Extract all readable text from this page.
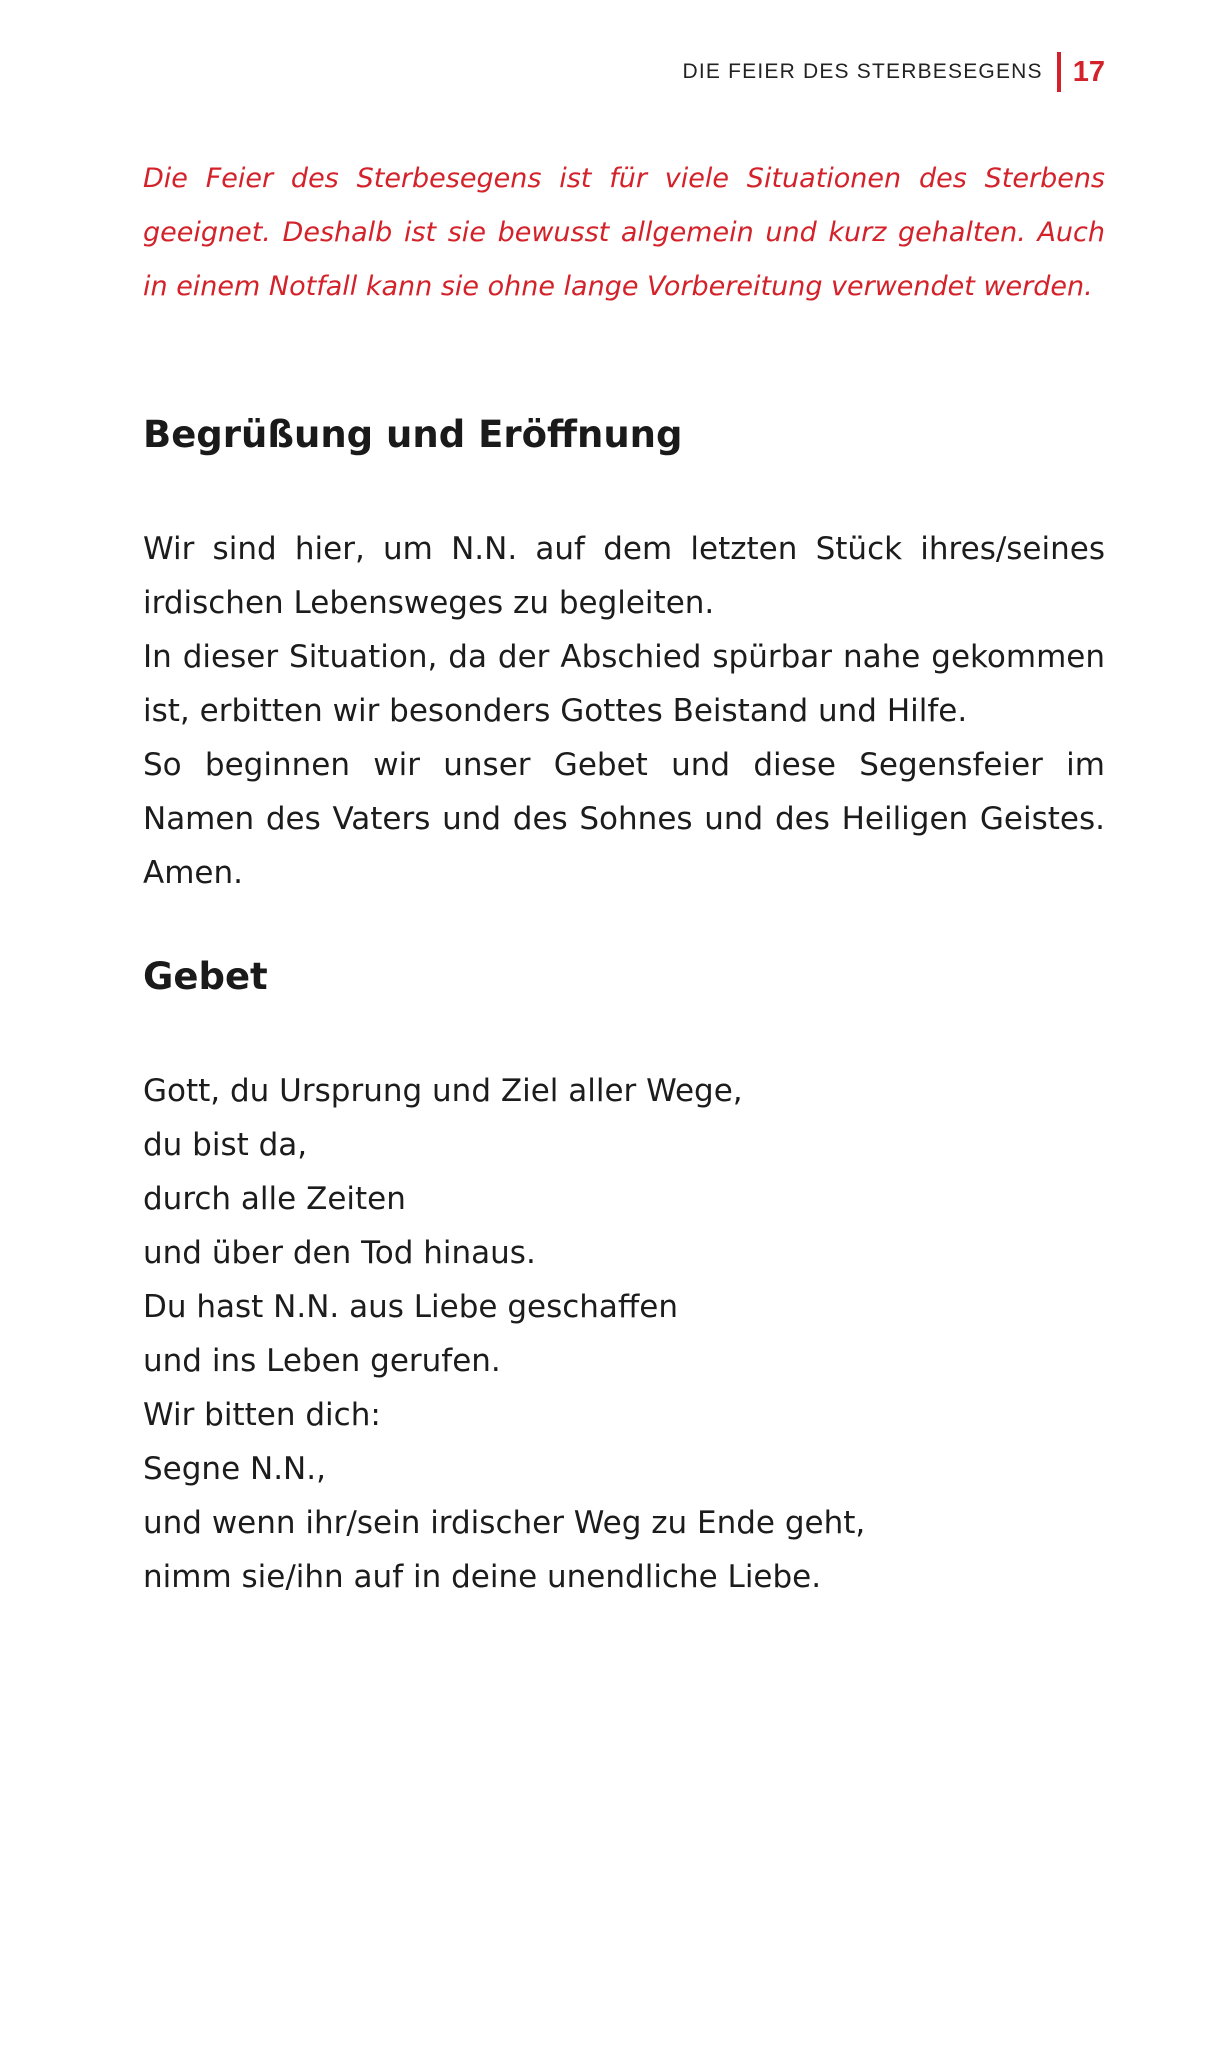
DIE FEIER DES STERBESEGENS 17

Die Feier des Sterbesegens ist für viele Situationen des Sterbens geeignet. Deshalb ist sie bewusst allgemein und kurz gehalten. Auch in einem Notfall kann sie ohne lange Vorbereitung verwendet werden.

Begrüßung und Eröffnung

Wir sind hier, um N.N. auf dem letzten Stück ihres/seines irdischen Lebensweges zu begleiten.

In dieser Situation, da der Abschied spürbar nahe gekommen ist, erbitten wir besonders Gottes Beistand und Hilfe.

So beginnen wir unser Gebet und diese Segensfeier im Namen des Vaters und des Sohnes und des Heiligen Geistes. Amen.

Gebet
Gott, du Ursprung und Ziel aller Wege,
du bist da,
durch alle Zeiten
und über den Tod hinaus.
Du hast N.N. aus Liebe geschaffen
und ins Leben gerufen.
Wir bitten dich:
Segne N.N.,
und wenn ihr/sein irdischer Weg zu Ende geht,
nimm sie/ihn auf in deine unendliche Liebe.
